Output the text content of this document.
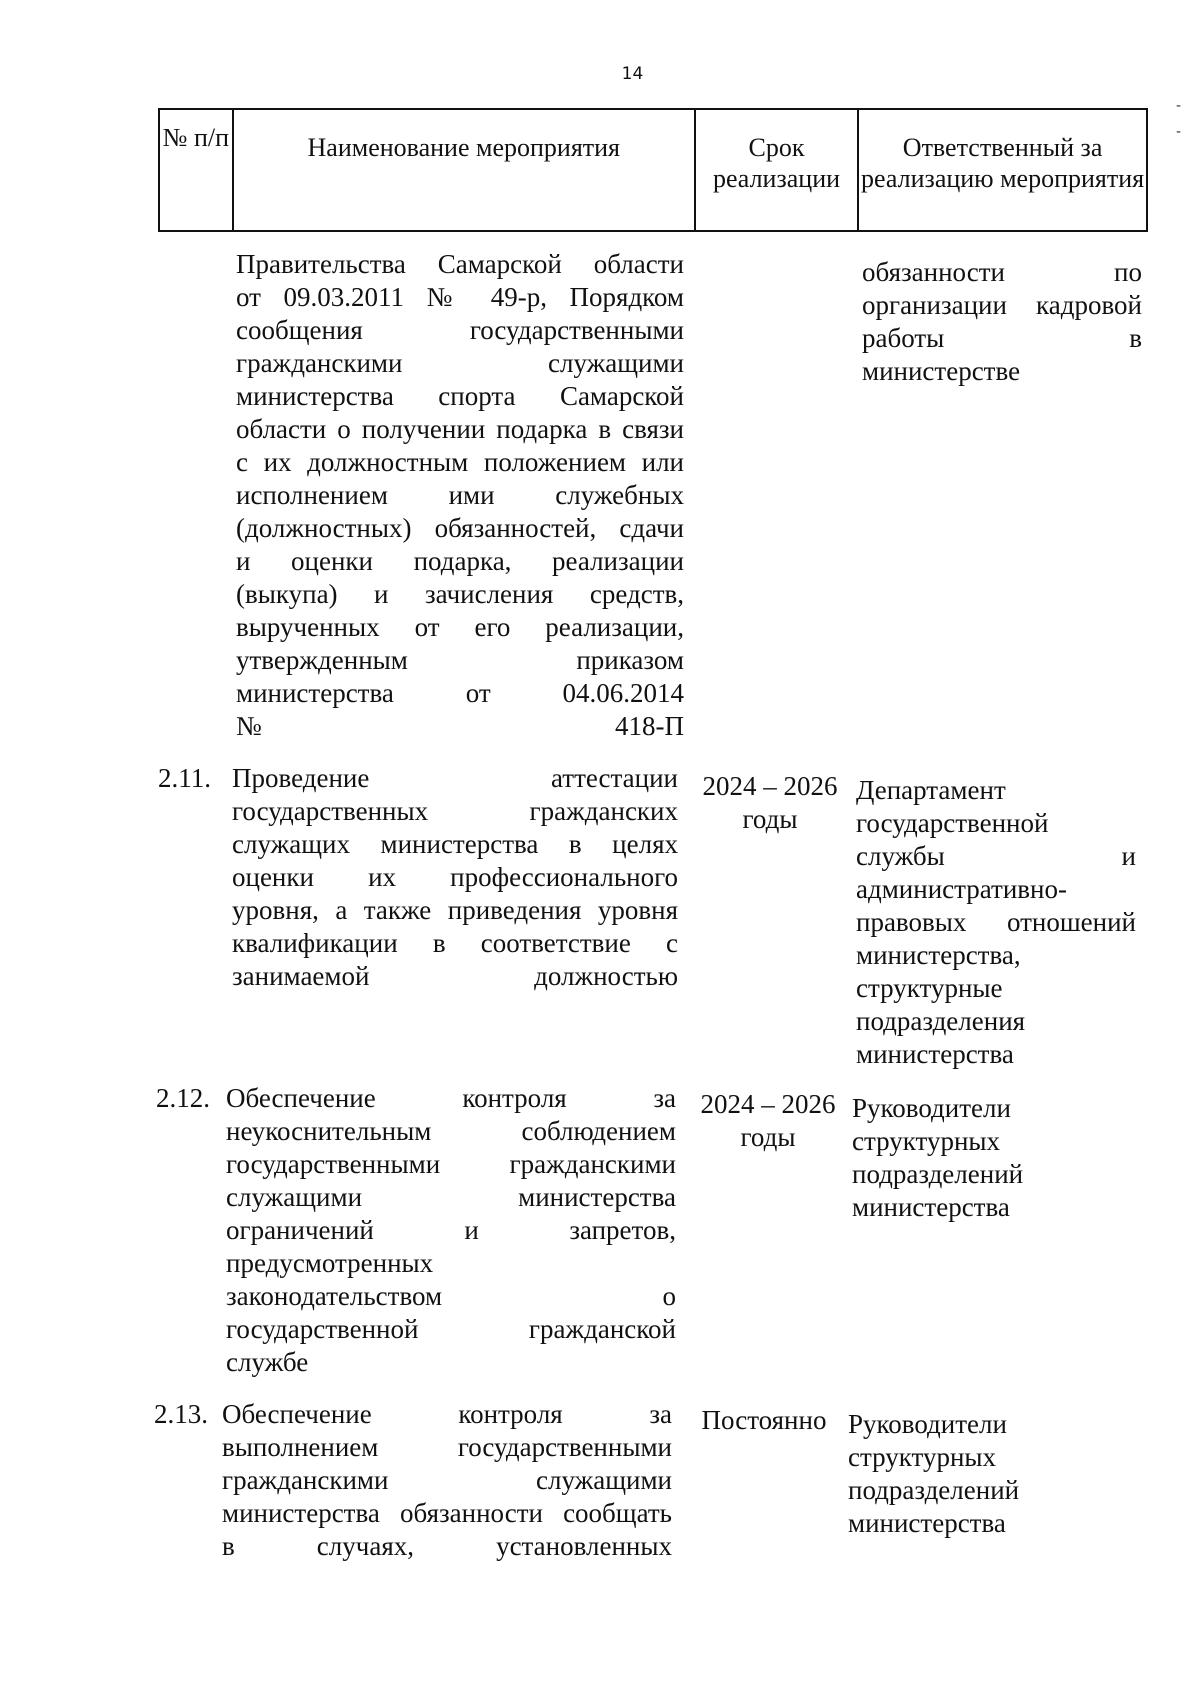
14
-
-
№ п/п	Наименование мероприятия	Срок реализации
Ответственный за реализацию мероприятия
Правительства Самарской области
от 09.03.2011 № 49-р, Порядком
сообщения государственными
гражданскими служащими
министерства спорта Самарской
области о получении подарка в связи
с их должностным положением или
исполнением ими служебных
(должностных) обязанностей, сдачи
и оценки подарка, реализации
(выкупа) и зачисления средств,
вырученных от его реализации,
утвержденным приказом
министерства от 04.06.2014
№ 418-П
обязанности по
организации кадровой
работы в
министерстве
2.11. Проведение аттестации
государственных гражданских
служащих министерства в целях
оценки их профессионального
уровня, а также приведения уровня
квалификации в соответствие с
занимаемой должностью
2024 – 2026
годы
Департамент
государственной
службы и
административно-
правовых отношений
министерства,
структурные
подразделения
министерства
2.12. Обеспечение контроля за
неукоснительным соблюдением
государственными гражданскими
служащими министерства
ограничений и запретов,
предусмотренных
законодательством о
государственной гражданской
службе
2024 – 2026
годы
Руководители
структурных
подразделений
министерства
2.13. Обеспечение контроля за
выполнением государственными
гражданскими служащими
министерства обязанности сообщать
в случаях, установленных
Постоянно Руководители
структурных
подразделений
министерства
